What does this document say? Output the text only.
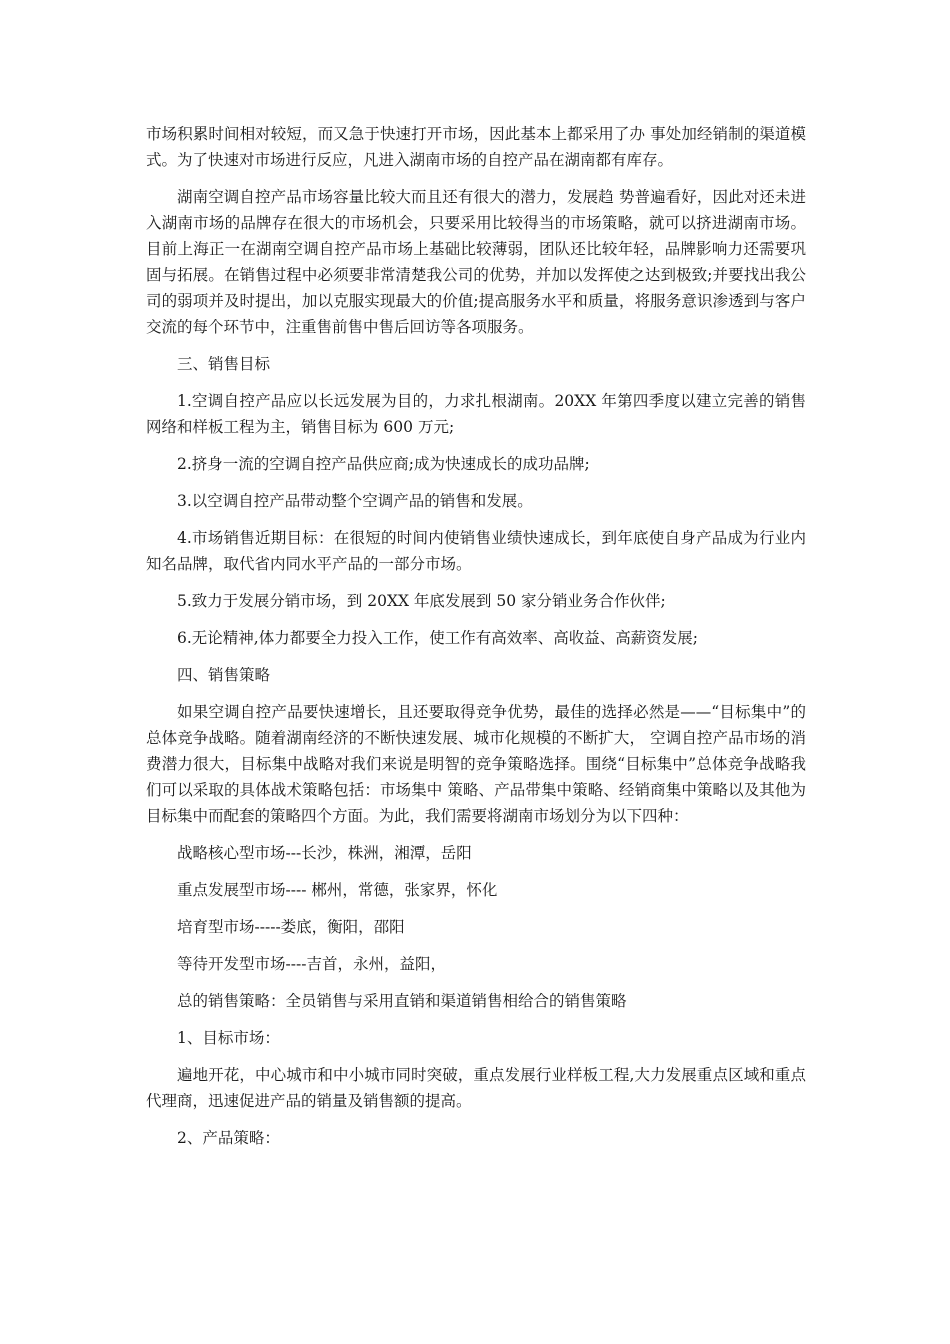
市场积累时间相对较短，而又急于快速打开市场，因此基本上都采用了办 事处加经销制的渠道模式。为了快速对市场进行反应，凡进入湖南市场的自控产品在湖南都有库存。

湖南空调自控产品市场容量比较大而且还有很大的潜力，发展趋 势普遍看好，因此对还未进入湖南市场的品牌存在很大的市场机会，只要采用比较得当的市场策略，就可以挤进湖南市场。 目前上海正一在湖南空调自控产品市场上基础比较薄弱，团队还比较年轻，品牌影响力还需要巩固与拓展。在销售过程中必须要非常清楚我公司的优势，并加以发挥使之达到极致;并要找出我公司的弱项并及时提出，加以克服实现最大的价值;提高服务水平和质量，将服务意识渗透到与客户交流的每个环节中，注重售前售中售后回访等各项服务。

三、销售目标

1.空调自控产品应以长远发展为目的，力求扎根湖南。20XX 年第四季度以建立完善的销售网络和样板工程为主，销售目标为 600 万元;

2.挤身一流的空调自控产品供应商;成为快速成长的成功品牌;

3.以空调自控产品带动整个空调产品的销售和发展。

4.市场销售近期目标：在很短的时间内使销售业绩快速成长，到年底使自身产品成为行业内知名品牌，取代省内同水平产品的一部分市场。

5.致力于发展分销市场，到 20XX 年底发展到 50 家分销业务合作伙伴;

6.无论精神,体力都要全力投入工作，使工作有高效率、高收益、高薪资发展;

四、销售策略

如果空调自控产品要快速增长，且还要取得竞争优势，最佳的选择必然是——“目标集中”的总体竞争战略。随着湖南经济的不断快速发展、城市化规模的不断扩大， 空调自控产品市场的消费潜力很大，目标集中战略对我们来说是明智的竞争策略选择。围绕“目标集中”总体竞争战略我们可以采取的具体战术策略包括：市场集中 策略、产品带集中策略、经销商集中策略以及其他为目标集中而配套的策略四个方面。为此，我们需要将湖南市场划分为以下四种：

战略核心型市场---长沙，株洲，湘潭，岳阳

重点发展型市场---- 郴州，常德，张家界，怀化

培育型市场-----娄底，衡阳，邵阳

等待开发型市场----吉首，永州，益阳，

总的销售策略：全员销售与采用直销和渠道销售相给合的销售策略

1、目标市场：

遍地开花，中心城市和中小城市同时突破，重点发展行业样板工程,大力发展重点区域和重点代理商，迅速促进产品的销量及销售额的提高。

2、产品策略：
